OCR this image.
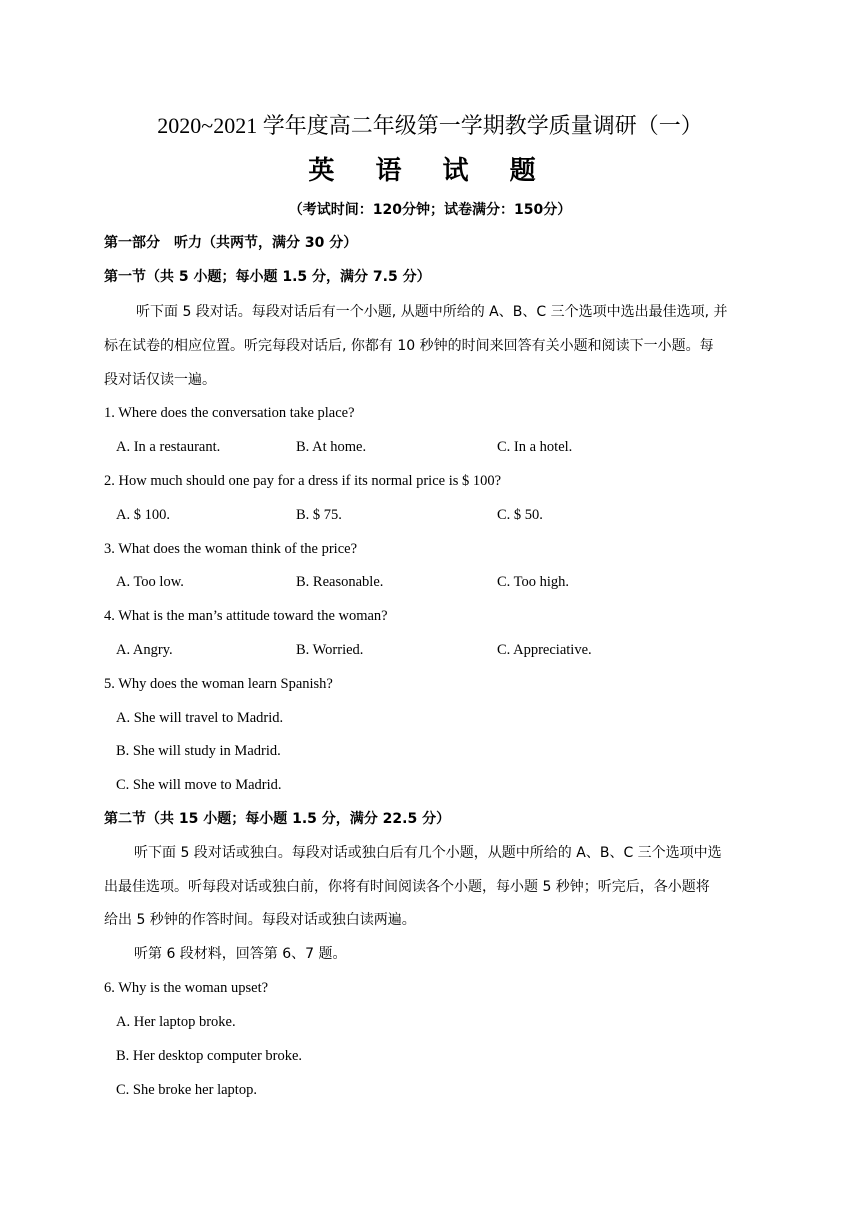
2020~2021 学年度高二年级第一学期教学质量调研（一）
英 语 试 题
（考试时间：120分钟；试卷满分：150分）
第一部分　听力（共两节，满分 30 分）
第一节（共 5 小题；每小题 1.5 分，满分 7.5 分）
听下面 5 段对话。每段对话后有一个小题, 从题中所给的 A、B、C 三个选项中选出最佳选项, 并
标在试卷的相应位置。听完每段对话后, 你都有 10 秒钟的时间来回答有关小题和阅读下一小题。每
段对话仅读一遍。
1. Where does the conversation take place?
A. In a restaurant.	B. At home.	C. In a hotel.
2. How much should one pay for a dress if its normal price is $ 100?
A. $ 100.	B. $ 75.	C. $ 50.
3. What does the woman think of the price?
A. Too low.	B. Reasonable.	C. Too high.
4. What is the man’s attitude toward the woman?
A. Angry.	B. Worried.	C. Appreciative.
5. Why does the woman learn Spanish?
A. She will travel to Madrid.
B. She will study in Madrid.
C. She will move to Madrid.
第二节（共 15 小题；每小题 1.5 分，满分 22.5 分）
听下面 5 段对话或独白。每段对话或独白后有几个小题，从题中所给的 A、B、C 三个选项中选
出最佳选项。听每段对话或独白前，你将有时间阅读各个小题，每小题 5 秒钟；听完后，各小题将
给出 5 秒钟的作答时间。每段对话或独白读两遍。
听第 6 段材料，回答第 6、7 题。
6. Why is the woman upset?
A. Her laptop broke.
B. Her desktop computer broke.
C. She broke her laptop.
